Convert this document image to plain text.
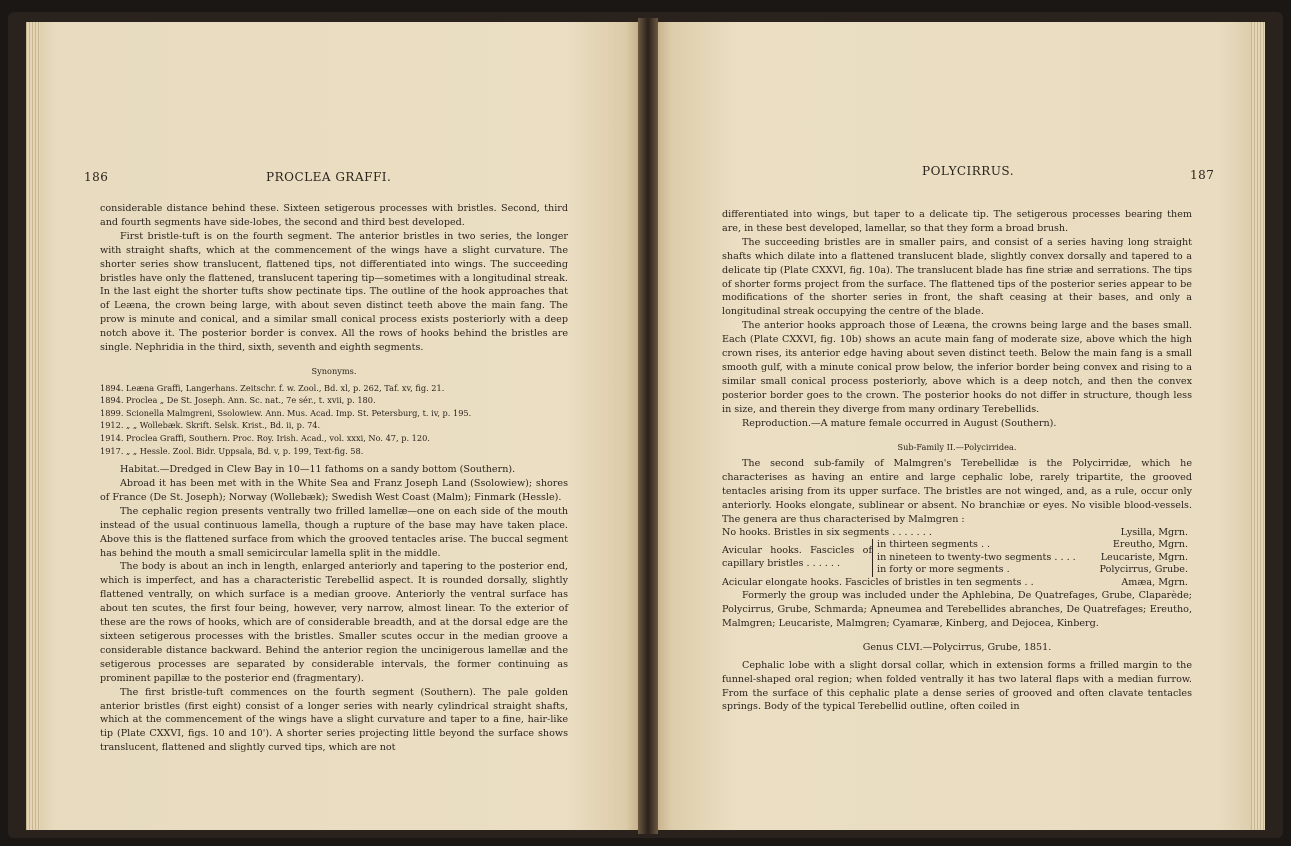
186	PROCLEA GRAFFI.

considerable distance behind these. Sixteen setigerous processes with bristles. Second, third and fourth segments have side-lobes, the second and third best developed.

First bristle-tuft is on the fourth segment. The anterior bristles in two series, the longer with straight shafts, which at the commencement of the wings have a slight curvature. The shorter series show translucent, flattened tips, not differentiated into wings. The succeeding bristles have only the flattened, translucent tapering tip—sometimes with a longitudinal streak. In the last eight the shorter tufts show pectinate tips. The outline of the hook approaches that of Leæna, the crown being large, with about seven distinct teeth above the main fang. The prow is minute and conical, and a similar small conical process exists posteriorly with a deep notch above it. The posterior border is convex. All the rows of hooks behind the bristles are single. Nephridia in the third, sixth, seventh and eighth segments.

Synonyms.

1894. Leæna Graffi, Langerhans. Zeitschr. f. w. Zool., Bd. xl, p. 262, Taf. xv, fig. 21.
1894. Proclea „ De St. Joseph. Ann. Sc. nat., 7e sér., t. xvii, p. 180.
1899. Scionella Malmgreni, Ssolowiew. Ann. Mus. Acad. Imp. St. Petersburg, t. iv, p. 195.
1912. „ „ Wollebæk. Skrift. Selsk. Krist., Bd. ii, p. 74.
1914. Proclea Graffi, Southern. Proc. Roy. Irish. Acad., vol. xxxi, No. 47, p. 120.
1917. „ „ Hessle. Zool. Bidr. Uppsala, Bd. v, p. 199, Text-fig. 58.

Habitat.—Dredged in Clew Bay in 10—11 fathoms on a sandy bottom (Southern).

Abroad it has been met with in the White Sea and Franz Joseph Land (Ssolowiew); shores of France (De St. Joseph); Norway (Wollebæk); Swedish West Coast (Malm); Finmark (Hessle).

The cephalic region presents ventrally two frilled lamellæ—one on each side of the mouth instead of the usual continuous lamella, though a rupture of the base may have taken place. Above this is the flattened surface from which the grooved tentacles arise. The buccal segment has behind the mouth a small semicircular lamella split in the middle.

The body is about an inch in length, enlarged anteriorly and tapering to the posterior end, which is imperfect, and has a characteristic Terebellid aspect. It is rounded dorsally, slightly flattened ventrally, on which surface is a median groove. Anteriorly the ventral surface has about ten scutes, the first four being, however, very narrow, almost linear. To the exterior of these are the rows of hooks, which are of considerable breadth, and at the dorsal edge are the sixteen setigerous processes with the bristles. Smaller scutes occur in the median groove a considerable distance backward. Behind the anterior region the uncinigerous lamellæ and the setigerous processes are separated by considerable intervals, the former continuing as prominent papillæ to the posterior end (fragmentary).

The first bristle-tuft commences on the fourth segment (Southern). The pale golden anterior bristles (first eight) consist of a longer series with nearly cylindrical straight shafts, which at the commencement of the wings have a slight curvature and taper to a fine, hair-like tip (Plate CXXVI, figs. 10 and 10'). A shorter series projecting little beyond the surface shows translucent, flattened and slightly curved tips, which are not

POLYCIRRUS.	187

differentiated into wings, but taper to a delicate tip. The setigerous processes bearing them are, in these best developed, lamellar, so that they form a broad brush.

The succeeding bristles are in smaller pairs, and consist of a series having long straight shafts which dilate into a flattened translucent blade, slightly convex dorsally and tapered to a delicate tip (Plate CXXVI, fig. 10a). The translucent blade has fine striæ and serrations. The tips of shorter forms project from the surface. The flattened tips of the posterior series appear to be modifications of the shorter series in front, the shaft ceasing at their bases, and only a longitudinal streak occupying the centre of the blade.

The anterior hooks approach those of Leæna, the crowns being large and the bases small. Each (Plate CXXVI, fig. 10b) shows an acute main fang of moderate size, above which the high crown rises, its anterior edge having about seven distinct teeth. Below the main fang is a small smooth gulf, with a minute conical prow below, the inferior border being convex and rising to a similar small conical process posteriorly, above which is a deep notch, and then the convex posterior border goes to the crown. The posterior hooks do not differ in structure, though less in size, and therein they diverge from many ordinary Terebellids.

Reproduction.—A mature female occurred in August (Southern).

Sub-Family II.—Polycirridea.

The second sub-family of Malmgren's Terebellidæ is the Polycirridæ, which he characterises as having an entire and large cephalic lobe, rarely tripartite, the grooved tentacles arising from its upper surface. The bristles are not winged, and, as a rule, occur only anteriorly. Hooks elongate, sublinear or absent. No branchiæ or eyes. No visible blood-vessels. The genera are thus characterised by Malmgren :

No hooks. Bristles in six segments . . . . . . .		Lysilla, Mgrn.
Avicular hooks. Fascicles of capillary bristles . . . . . .	in thirteen segments . .	Ereutho, Mgrn.
	in nineteen to twenty-two segments . . . .	Leucariste, Mgrn.
	in forty or more segments .	Polycirrus, Grube.
Acicular elongate hooks. Fascicles of bristles in ten segments . .		Amæa, Mgrn.

Formerly the group was included under the Aphlebina, De Quatrefages, Grube, Claparède; Polycirrus, Grube, Schmarda; Apneumea and Terebellides abranches, De Quatrefages; Ereutho, Malmgren; Leucariste, Malmgren; Cyamaræ, Kinberg, and Dejocea, Kinberg.

Genus CLVI.—Polycirrus, Grube, 1851.

Cephalic lobe with a slight dorsal collar, which in extension forms a frilled margin to the funnel-shaped oral region; when folded ventrally it has two lateral flaps with a median furrow. From the surface of this cephalic plate a dense series of grooved and often clavate tentacles springs. Body of the typical Terebellid outline, often coiled in
